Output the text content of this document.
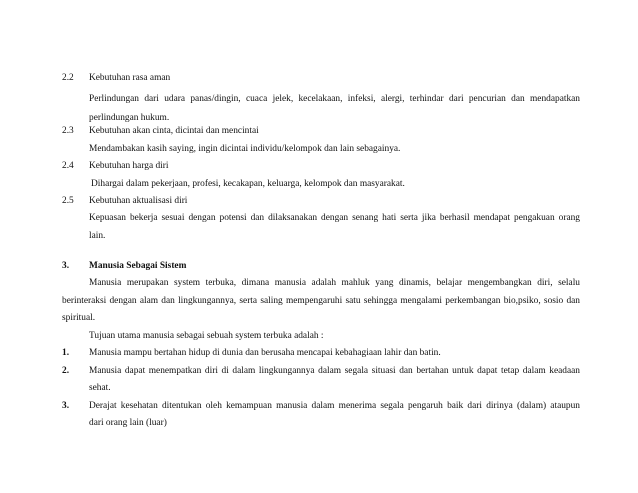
2.2 Kebutuhan rasa aman
Perlindungan dari udara panas/dingin, cuaca jelek, kecelakaan, infeksi, alergi, terhindar dari pencurian dan mendapatkan
perlindungan hukum.
2.3 Kebutuhan akan cinta, dicintai dan mencintai
Mendambakan kasih saying, ingin dicintai individu/kelompok dan lain sebagainya.
2.4 Kebutuhan harga diri
Dihargai dalam pekerjaan, profesi, kecakapan, keluarga, kelompok dan masyarakat.
2.5 Kebutuhan aktualisasi diri
Kepuasan bekerja sesuai dengan potensi dan dilaksanakan dengan senang hati serta jika berhasil mendapat pengakuan orang
lain.
3. Manusia Sebagai Sistem
Manusia merupakan system terbuka, dimana manusia adalah mahluk yang dinamis, belajar mengembangkan diri, selalu
berinteraksi dengan alam dan lingkungannya, serta saling mempengaruhi satu sehingga mengalami perkembangan bio,psiko, sosio dan
spiritual.
Tujuan utama manusia sebagai sebuah system terbuka adalah :
1. Manusia mampu bertahan hidup di dunia dan berusaha mencapai kebahagiaan lahir dan batin.
2. Manusia dapat menempatkan diri di dalam lingkungannya dalam segala situasi dan bertahan untuk dapat tetap dalam keadaan
sehat.
3. Derajat kesehatan ditentukan oleh kemampuan manusia dalam menerima segala pengaruh baik dari dirinya (dalam) ataupun
dari orang lain (luar)
